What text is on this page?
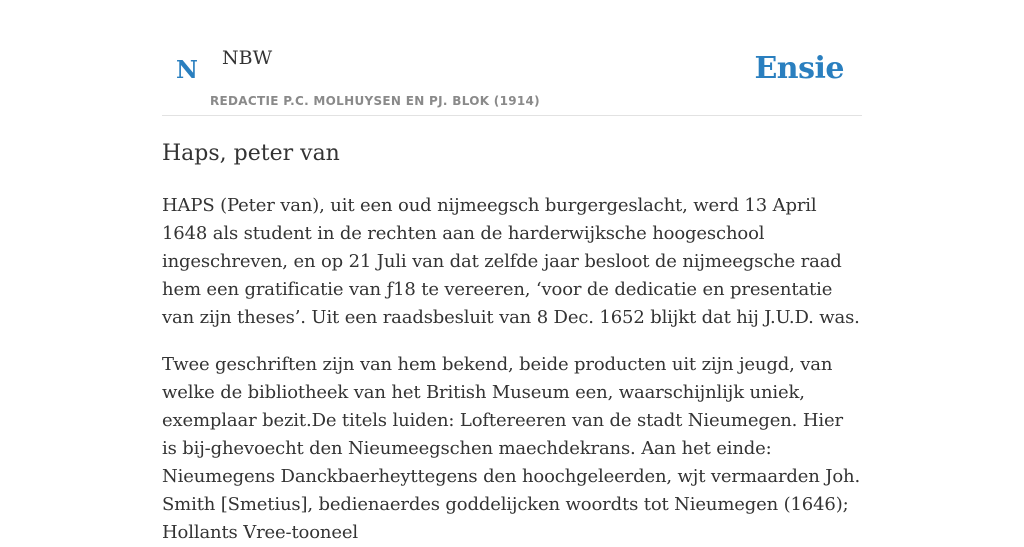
N NBW
REDACTIE P.C. MOLHUYSEN EN PJ. BLOK (1914)
Ensie
Haps, peter van

HAPS (Peter van), uit een oud nijmeegsch burgergeslacht, werd 13 April 1648 als student in de rechten aan de harderwijksche hoogeschool ingeschreven, en op 21 Juli van dat zelfde jaar besloot de nijmeegsche raad hem een gratificatie van ƒ18 te vereeren, ‘voor de dedicatie en presentatie van zijn theses’. Uit een raadsbesluit van 8 Dec. 1652 blijkt dat hij J.U.D. was.

Twee geschriften zijn van hem bekend, beide producten uit zijn jeugd, van welke de bibliotheek van het British Museum een, waarschijnlijk uniek, exemplaar bezit.De titels luiden: Loftereeren van de stadt Nieumegen. Hier is bij-ghevoecht den Nieumeegschen maechdekrans. Aan het einde: Nieumegens Danckbaerheyttegens den hoochgeleerden, wjt vermaarden Joh. Smith [Smetius], bedienaerdes goddelijcken woordts tot Nieumegen (1646); Hollants Vree-tooneel
